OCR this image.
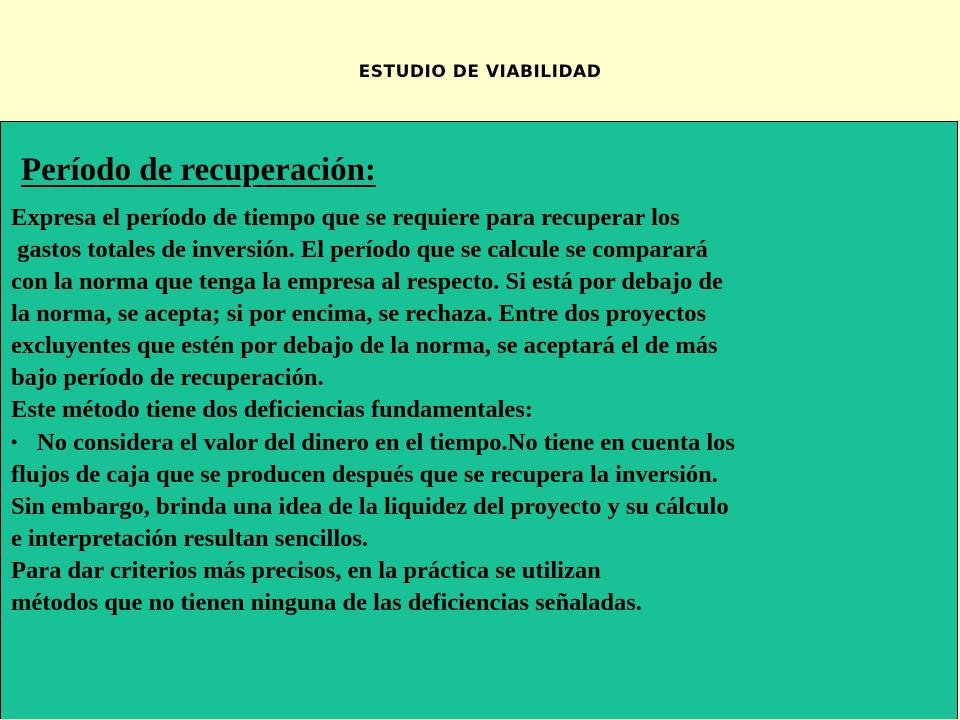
ESTUDIO DE VIABILIDAD
Período de recuperación:
Expresa el período de tiempo que se requiere para recuperar los
gastos totales de inversión. El período que se calcule se comparará
con la norma que tenga la empresa al respecto. Si está por debajo de
la norma, se acepta; si por encima, se rechaza. Entre dos proyectos
excluyentes que estén por debajo de la norma, se aceptará el de más
bajo período de recuperación.
Este método tiene dos deficiencias fundamentales:
• No considera el valor del dinero en el tiempo.No tiene en cuenta los
flujos de caja que se producen después que se recupera la inversión.
Sin embargo, brinda una idea de la liquidez del proyecto y su cálculo
e interpretación resultan sencillos.
Para dar criterios más precisos, en la práctica se utilizan
métodos que no tienen ninguna de las deficiencias señaladas.
